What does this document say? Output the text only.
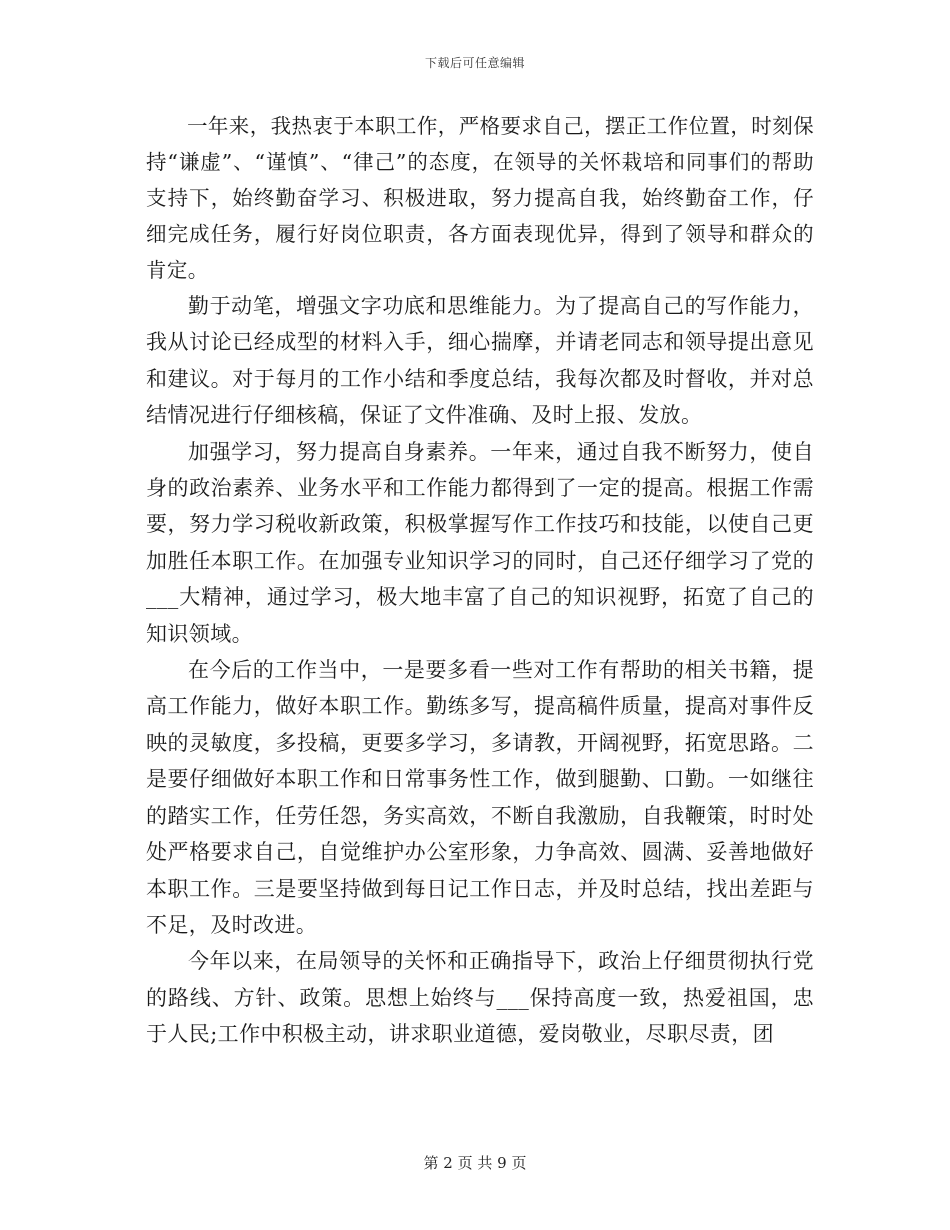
下载后可任意编辑

一年来，我热衷于本职工作，严格要求自己，摆正工作位置，时刻保持“谦虚”、“谨慎”、“律己”的态度，在领导的关怀栽培和同事们的帮助支持下，始终勤奋学习、积极进取，努力提高自我，始终勤奋工作，仔细完成任务，履行好岗位职责，各方面表现优异，得到了领导和群众的肯定。

勤于动笔，增强文字功底和思维能力。为了提高自己的写作能力，我从讨论已经成型的材料入手，细心揣摩，并请老同志和领导提出意见和建议。对于每月的工作小结和季度总结，我每次都及时督收，并对总结情况进行仔细核稿，保证了文件准确、及时上报、发放。

加强学习，努力提高自身素养。一年来，通过自我不断努力，使自身的政治素养、业务水平和工作能力都得到了一定的提高。根据工作需要，努力学习税收新政策，积极掌握写作工作技巧和技能，以使自己更加胜任本职工作。在加强专业知识学习的同时，自己还仔细学习了党的___大精神，通过学习，极大地丰富了自己的知识视野，拓宽了自己的知识领域。

在今后的工作当中，一是要多看一些对工作有帮助的相关书籍，提高工作能力，做好本职工作。勤练多写，提高稿件质量，提高对事件反映的灵敏度，多投稿，更要多学习，多请教，开阔视野，拓宽思路。二是要仔细做好本职工作和日常事务性工作，做到腿勤、口勤。一如继往的踏实工作，任劳任怨，务实高效，不断自我激励，自我鞭策，时时处处严格要求自己，自觉维护办公室形象，力争高效、圆满、妥善地做好本职工作。三是要坚持做到每日记工作日志，并及时总结，找出差距与不足，及时改进。

今年以来，在局领导的关怀和正确指导下，政治上仔细贯彻执行党的路线、方针、政策。思想上始终与___保持高度一致，热爱祖国，忠于人民;工作中积极主动，讲求职业道德，爱岗敬业，尽职尽责，团

第 2 页 共 9 页
